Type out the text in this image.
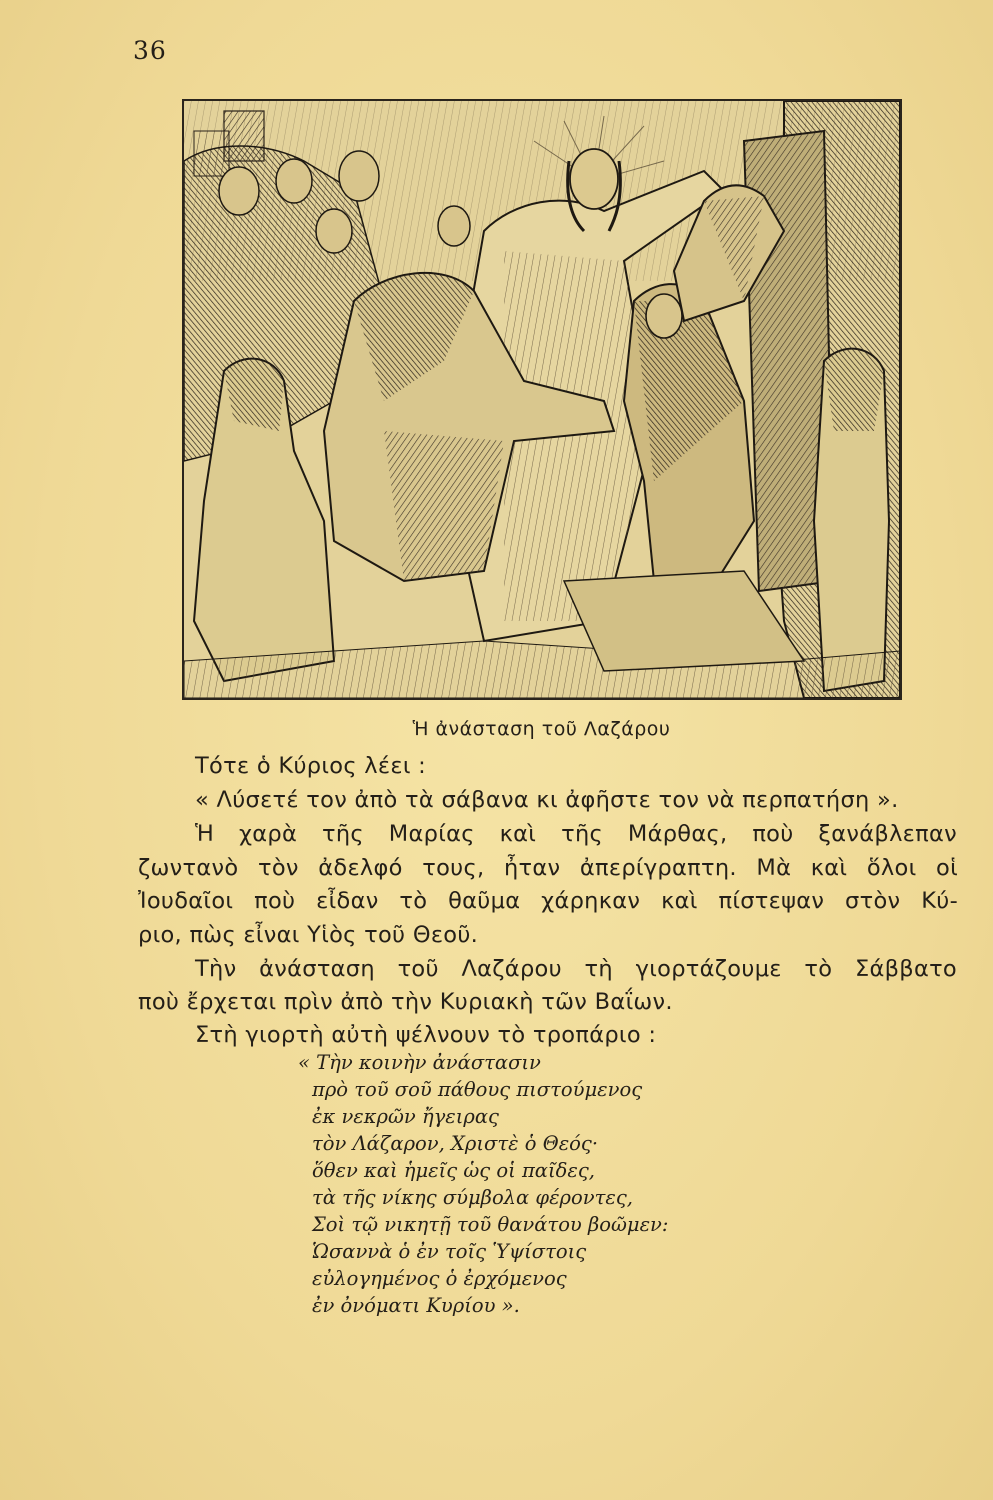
36
Ἡ ἀνάσταση τοῦ Λαζάρου
Τότε ὁ Κύριος λέει :
« Λύσετέ τον ἀπὸ τὰ σάβανα κι ἀφῆστε τον νὰ περπατήση ».
Ἡ χαρὰ τῆς Μαρίας καὶ τῆς Μάρθας, ποὺ ξανάβλεπαν
ζωντανὸ τὸν ἀδελφό τους, ἦταν ἀπερίγραπτη. Μὰ καὶ ὅλοι οἱ
Ἰουδαῖοι ποὺ εἶδαν τὸ θαῦμα χάρηκαν καὶ πίστεψαν στὸν Κύ-
ριο, πὼς εἶναι Υἱὸς τοῦ Θεοῦ.
Τὴν ἀνάσταση τοῦ Λαζάρου τὴ γιορτάζουμε τὸ Σάββατο
ποὺ ἔρχεται πρὶν ἀπὸ τὴν Κυριακὴ τῶν Βαΐων.
Στὴ γιορτὴ αὐτὴ ψέλνουν τὸ τροπάριο :
« Τὴν κοινὴν ἀνάστασιν
πρὸ τοῦ σοῦ πάθους πιστούμενος
ἐκ νεκρῶν ἤγειρας
τὸν Λάζαρον, Χριστὲ ὁ Θεός·
ὅθεν καὶ ἡμεῖς ὡς οἱ παῖδες,
τὰ τῆς νίκης σύμβολα φέροντες,
Σοὶ τῷ νικητῇ τοῦ θανάτου βοῶμεν:
Ὡσαννὰ ὁ ἐν τοῖς Ὑψίστοις
εὐλογημένος ὁ ἐρχόμενος
ἐν ὀνόματι Κυρίου ».
